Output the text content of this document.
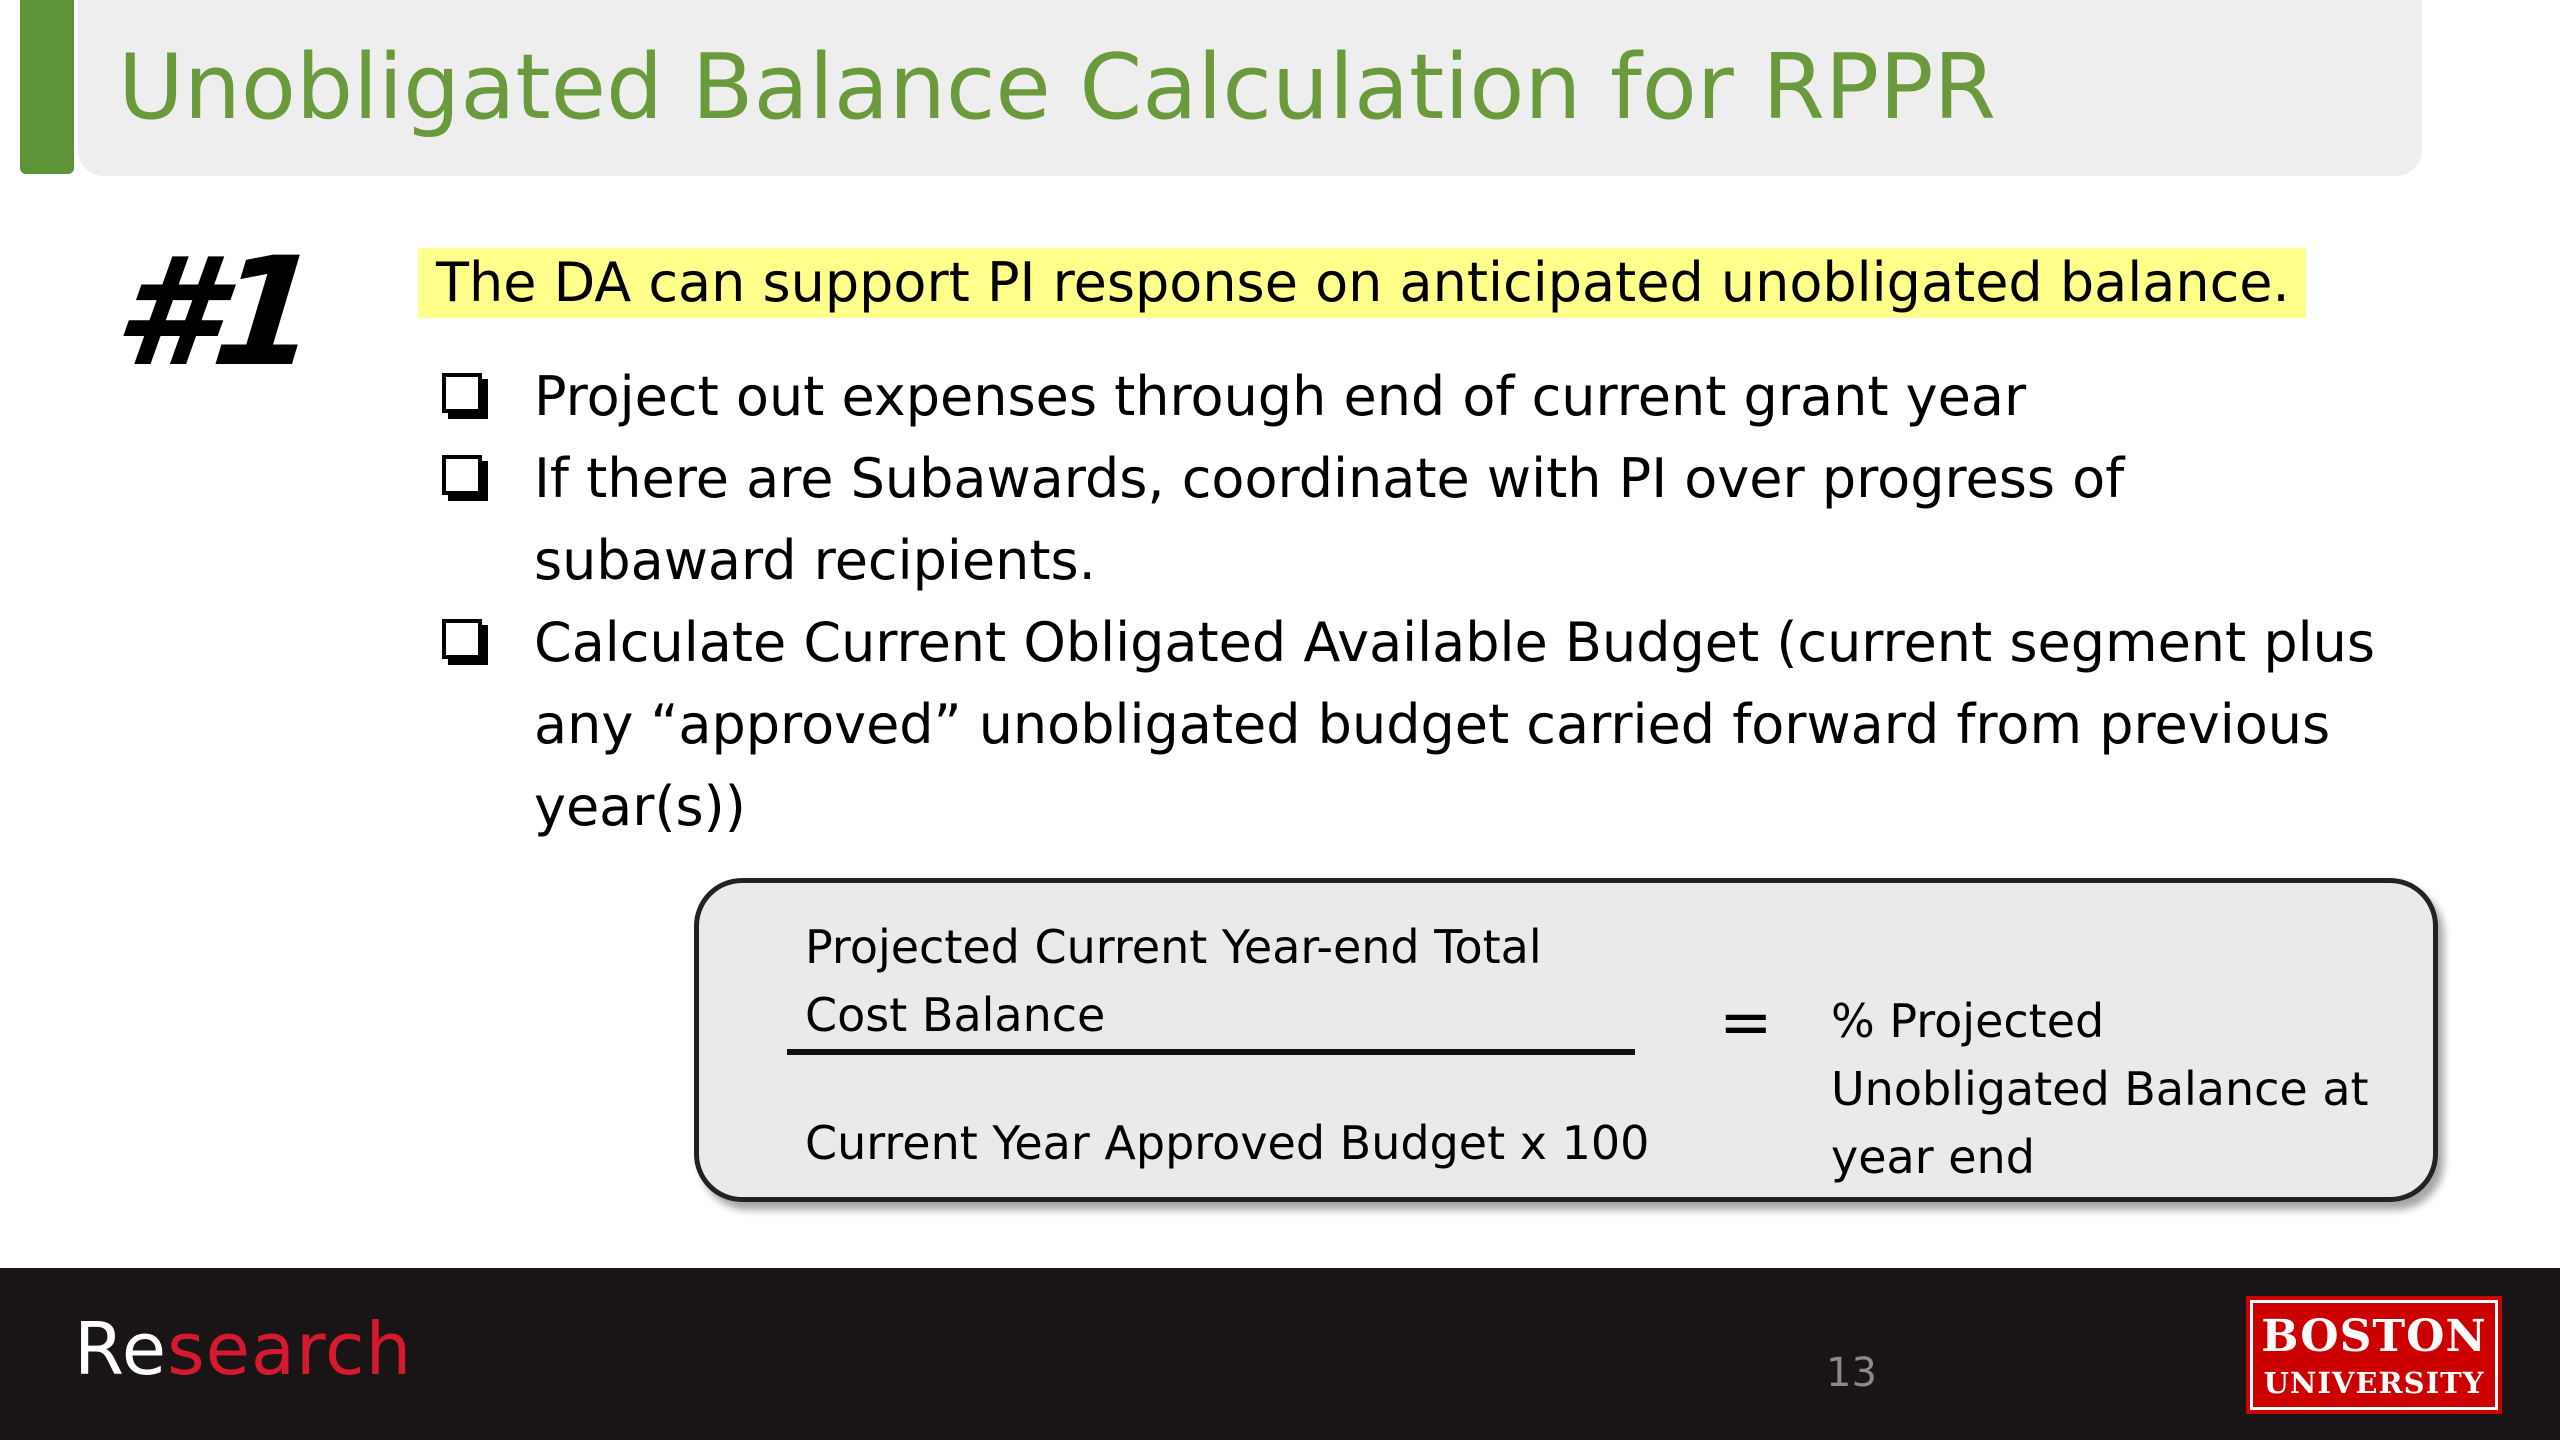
Unobligated Balance Calculation for RPPR
#1 The DA can support PI response on anticipated unobligated balance.
Project out expenses through end of current grant year
If there are Subawards, coordinate with PI over progress of subaward recipients.
Calculate Current Obligated Available Budget (current segment plus any “approved” unobligated budget carried forward from previous year(s))
Projected Current Year-end Total Cost Balance
Current Year Approved Budget x 100
= % Projected Unobligated Balance at year end
Research	13
BOSTON
UNIVERSITY
